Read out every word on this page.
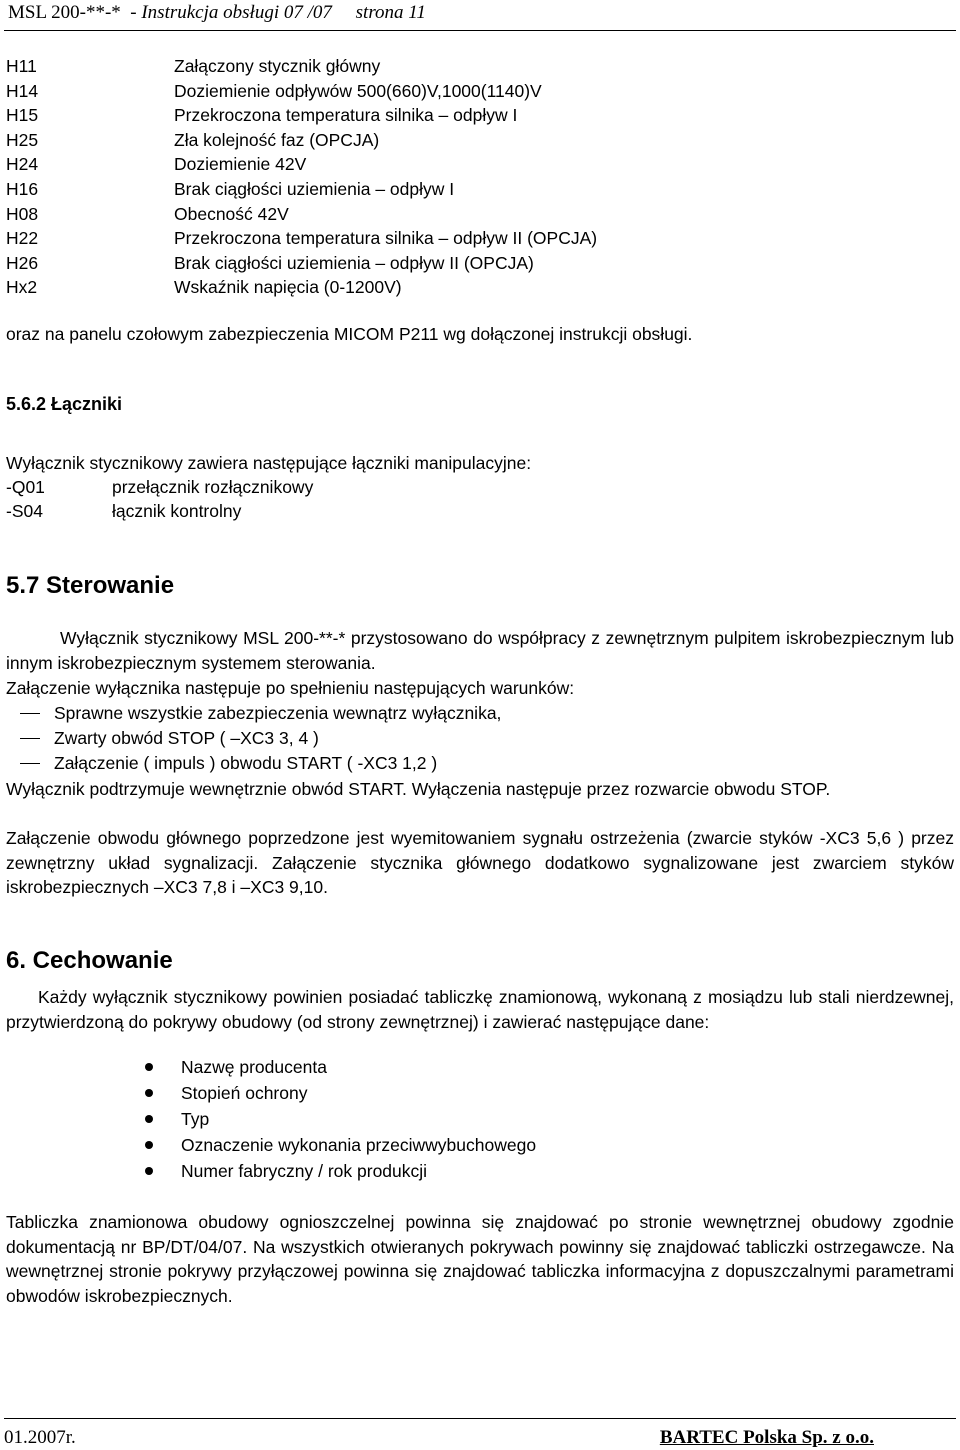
MSL 200-**-* - Instrukcja obsługi 07 /07 strona 11
H11	Załączony stycznik główny
H14	Doziemienie odpływów 500(660)V,1000(1140)V
H15	Przekroczona temperatura silnika – odpływ I
H25	Zła kolejność faz (OPCJA)
H24	Doziemienie 42V
H16	Brak ciągłości uziemienia – odpływ I
H08	Obecność 42V
H22	Przekroczona temperatura silnika – odpływ II (OPCJA)
H26	Brak ciągłości uziemienia – odpływ II (OPCJA)
Hx2	Wskaźnik napięcia (0-1200V)
oraz na panelu czołowym zabezpieczenia MICOM P211 wg dołączonej instrukcji obsługi.
5.6.2 Łączniki
Wyłącznik stycznikowy zawiera następujące łączniki manipulacyjne:
-Q01	przełącznik rozłącznikowy
-S04	łącznik kontrolny
5.7 Sterowanie
Wyłącznik stycznikowy MSL 200-**-* przystosowano do współpracy z zewnętrznym pulpitem iskrobezpiecznym lub innym iskrobezpiecznym systemem sterowania.
Załączenie wyłącznika następuje po spełnieniu następujących warunków:
Sprawne wszystkie zabezpieczenia wewnątrz wyłącznika,
Zwarty obwód STOP ( –XC3 3, 4 )
Załączenie ( impuls ) obwodu START ( -XC3 1,2 )
Wyłącznik podtrzymuje wewnętrznie obwód START. Wyłączenia następuje przez rozwarcie obwodu STOP.
Załączenie obwodu głównego poprzedzone jest wyemitowaniem sygnału ostrzeżenia (zwarcie styków -XC3 5,6 ) przez zewnętrzny układ sygnalizacji. Załączenie stycznika głównego dodatkowo sygnalizowane jest zwarciem styków iskrobezpiecznych –XC3 7,8 i –XC3 9,10.
6. Cechowanie
Każdy wyłącznik stycznikowy powinien posiadać tabliczkę znamionową, wykonaną z mosiądzu lub stali nierdzewnej, przytwierdzoną do pokrywy obudowy (od strony zewnętrznej) i zawierać następujące dane:
Nazwę producenta
Stopień ochrony
Typ
Oznaczenie wykonania przeciwwybuchowego
Numer fabryczny / rok produkcji
Tabliczka znamionowa obudowy ognioszczelnej powinna się znajdować po stronie wewnętrznej obudowy zgodnie dokumentacją nr BP/DT/04/07. Na wszystkich otwieranych pokrywach powinny się znajdować tabliczki ostrzegawcze. Na wewnętrznej stronie pokrywy przyłączowej powinna się znajdować tabliczka informacyjna z dopuszczalnymi parametrami obwodów iskrobezpiecznych.
01.2007r.	BARTEC Polska Sp. z o.o.
